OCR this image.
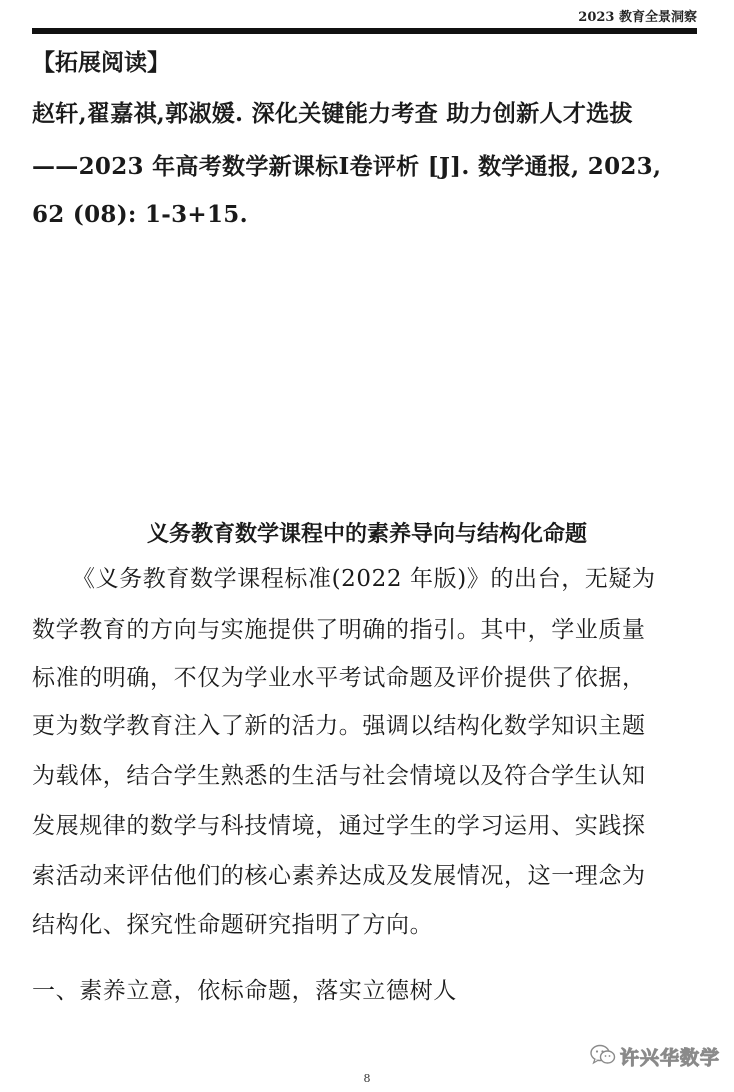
2023 教育全景洞察
【拓展阅读】
赵轩,翟嘉祺,郭淑媛. 深化关键能力考查 助力创新人才选拔
——2023 年高考数学新课标Ⅰ卷评析 [J]. 数学通报, 2023,
62 (08): 1-3+15.
义务教育数学课程中的素养导向与结构化命题
《义务教育数学课程标准(2022 年版)》的出台，无疑为
数学教育的方向与实施提供了明确的指引。其中，学业质量
标准的明确，不仅为学业水平考试命题及评价提供了依据，
更为数学教育注入了新的活力。强调以结构化数学知识主题
为载体，结合学生熟悉的生活与社会情境以及符合学生认知
发展规律的数学与科技情境，通过学生的学习运用、实践探
索活动来评估他们的核心素养达成及发展情况，这一理念为
结构化、探究性命题研究指明了方向。
一、素养立意，依标命题，落实立德树人
许兴华数学
8
